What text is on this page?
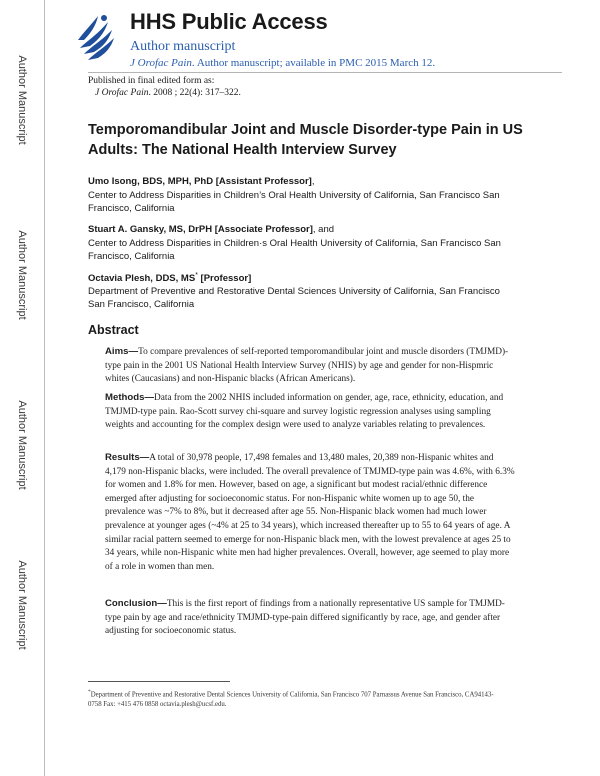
Author Manuscript
Author Manuscript
Author Manuscript
Author Manuscript
HHS Public Access
Author manuscript
J Orofac Pain. Author manuscript; available in PMC 2015 March 12.
Published in final edited form as:
J Orofac Pain. 2008 ; 22(4): 317–322.
Temporomandibular Joint and Muscle Disorder-type Pain in US Adults: The National Health Interview Survey
Umo Isong, BDS, MPH, PhD [Assistant Professor],
Center to Address Disparities in Children’s Oral Health University of California, San Francisco San Francisco, California
Stuart A. Gansky, MS, DrPH [Associate Professor], and
Center to Address Disparities in Children·s Oral Health University of California, San Francisco San Francisco, California
Octavia Plesh, DDS, MS* [Professor]
Department of Preventive and Restorative Dental Sciences University of California, San Francisco San Francisco, California
Abstract
Aims—To compare prevalences of self-reported temporomandibular joint and muscle disorders (TMJMD)-type pain in the 2001 US National Health Interview Survey (NHIS) by age and gender for non-Hispmric whites (Caucasians) and non-Hispanic blacks (African Americans).
Methods—Data from the 2002 NHIS included information on gender, age, race, ethnicity, education, and TMJMD-type pain. Rao-Scott survey chi-square and survey logistic regression analyses using sampling weights and accounting for the complex design were used to analyze variables relating to prevalences.
Results—A total of 30,978 people, 17,498 females and 13,480 males, 20,389 non-Hispanic whites and 4,179 non-Hispanic blacks, were included. The overall prevalence of TMJMD-type pain was 4.6%, with 6.3% for women and 1.8% for men. However, based on age, a significant but modest racial/ethnic difference emerged after adjusting for socioeconomic status. For non-Hispanic white women up to age 50, the prevalence was ~7% to 8%, but it decreased after age 55. Non-Hispanic black women had much lower prevalence at younger ages (~4% at 25 to 34 years), which increased thereafter up to 55 to 64 years of age. A similar racial pattern seemed to emerge for non-Hispanic black men, with the lowest prevalence at ages 25 to 34 years, while non-Hispanic white men had higher prevalences. Overall, however, age seemed to play more of a role in women than men.
Conclusion—This is the first report of findings from a nationally representative US sample for TMJMD-type pain by age and race/ethnicity TMJMD-type-pain differed significantly by race, age, and gender after adjusting for socioeconomic status.
*Department of Preventive and Restorative Dental Sciences University of California, San Francisco 707 Parnassus Avenue San Francisco, CA94143-0758 Fax: +415 476 0858 octavia.plesh@ucsf.edu.
